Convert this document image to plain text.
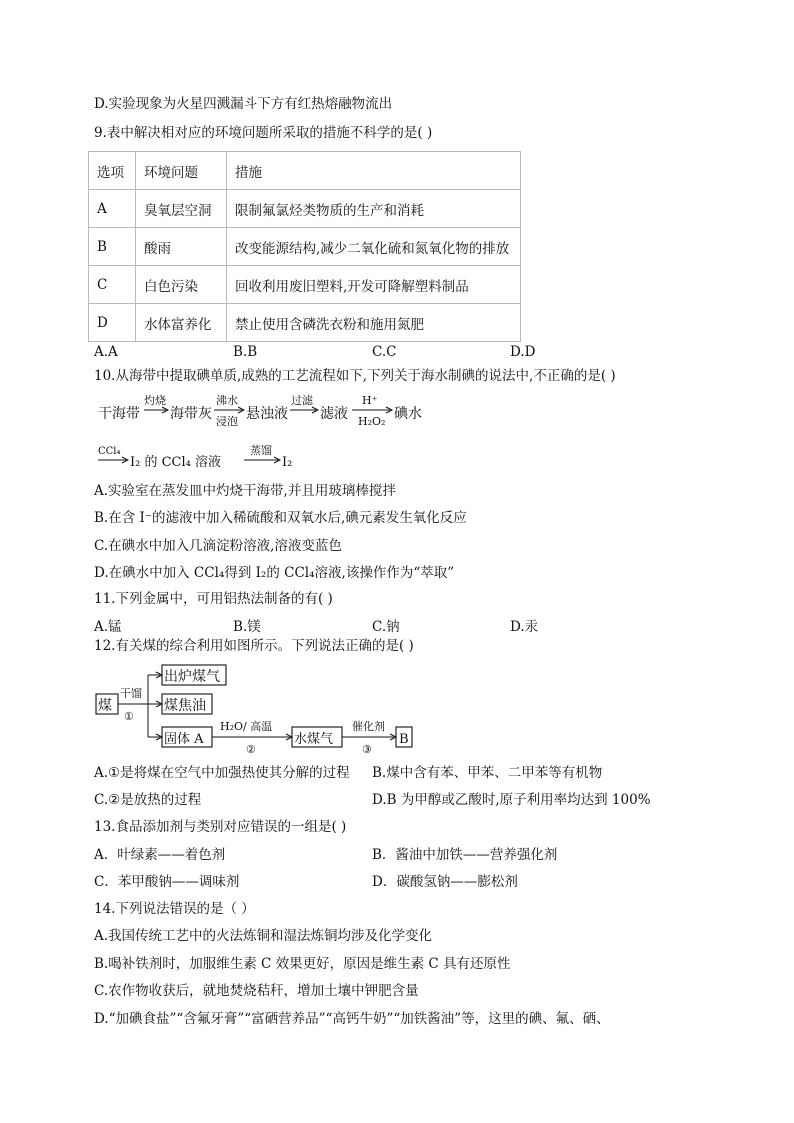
D.实验现象为火星四溅漏斗下方有红热熔融物流出
9.表中解决相对应的环境问题所采取的措施不科学的是( )
选项	环境问题	措施
A	臭氧层空洞	限制氟氯烃类物质的生产和消耗
B	酸雨	改变能源结构,减少二氧化硫和氮氧化物的排放
C	白色污染	回收利用废旧塑料,开发可降解塑料制品
D	水体富养化	禁止使用含磷洗衣粉和施用氮肥
A.A	B.B	C.C	D.D
10.从海带中提取碘单质,成熟的工艺流程如下,下列关于海水制碘的说法中,不正确的是( )
干海带
灼烧
海带灰
沸水
浸泡 悬浊液
过滤
滤液
H⁺
H₂O₂ 碘水
CCl₄
I₂ 的 CCl₄ 溶液
蒸馏
I₂
A.实验室在蒸发皿中灼烧干海带,并且用玻璃棒搅拌
B.在含 I⁻的滤液中加入稀硫酸和双氧水后,碘元素发生氧化反应
C.在碘水中加入几滴淀粉溶液,溶液变蓝色
D.在碘水中加入 CCl₄得到 I₂的 CCl₄溶液,该操作作为“萃取”
11.下列金属中，可用铝热法制备的有( )
A.锰	B.镁	C.钠	D.汞
12.有关煤的综合利用如图所示。下列说法正确的是( )
煤
干馏
①
出炉煤气
煤焦油
固体 A
H₂O/ 高温
②
水煤气
催化剂
③
B
A.①是将煤在空气中加强热使其分解的过程 B.煤中含有苯、甲苯、二甲苯等有机物
C.②是放热的过程	D.B 为甲醇或乙酸时,原子利用率均达到 100%
13.食品添加剂与类别对应错误的一组是( )
A．叶绿素——着色剂	B．酱油中加铁——营养强化剂
C．苯甲酸钠——调味剂	D．碳酸氢钠——膨松剂
14.下列说法错误的是（ ）
A.我国传统工艺中的火法炼铜和湿法炼铜均涉及化学变化
B.喝补铁剂时，加服维生素 C 效果更好，原因是维生素 C 具有还原性
C.农作物收获后，就地焚烧秸秆，增加土壤中钾肥含量
D.“加碘食盐”“含氟牙膏”“富硒营养品”“高钙牛奶”“加铁酱油”等，这里的碘、氟、硒、
